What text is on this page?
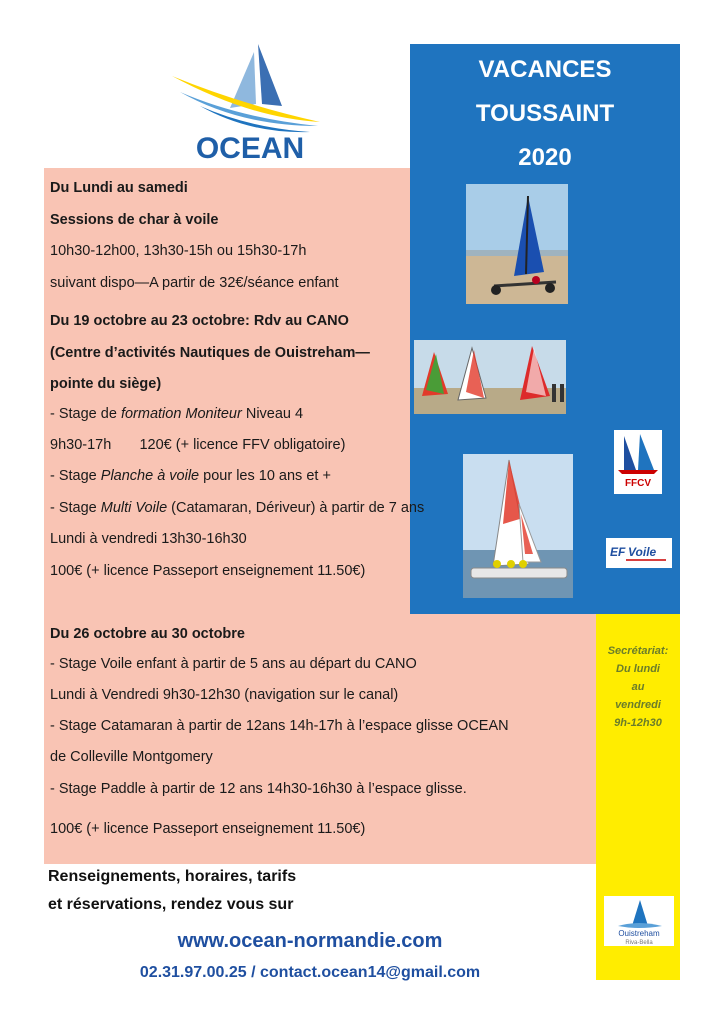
OCEAN
VACANCES
TOUSSAINT
2020
Du Lundi au samedi
Sessions de char à voile
10h30-12h00, 13h30-15h ou 15h30-17h
suivant dispo—A partir de 32€/séance enfant
Du 19 octobre au 23 octobre: Rdv au CANO
(Centre d’activités Nautiques de Ouistreham—
pointe du siège)
- Stage de formation Moniteur Niveau 4
9h30-17h       120€ (+ licence FFV obligatoire)
- Stage Planche à voile pour les 10 ans et +
- Stage Multi Voile (Catamaran, Dériveur) à partir de 7 ans
Lundi à vendredi 13h30-16h30
100€ (+ licence Passeport enseignement 11.50€)
Du 26 octobre au 30 octobre
- Stage Voile enfant à partir de 5 ans au départ du CANO
Lundi à Vendredi 9h30-12h30 (navigation sur le canal)
- Stage Catamaran à partir de 12ans 14h-17h à l’espace glisse OCEAN
de Colleville Montgomery
- Stage Paddle à partir de 12 ans 14h30-16h30 à l’espace glisse.
100€ (+ licence Passeport enseignement 11.50€)
FFCV
EF Voile
Secrétariat:
Du lundi
au
vendredi
9h-12h30
Ouistreham
Riva-Bella
Renseignements, horaires, tarifs
et réservations, rendez vous sur
www.ocean-normandie.com
02.31.97.00.25 / contact.ocean14@gmail.com
